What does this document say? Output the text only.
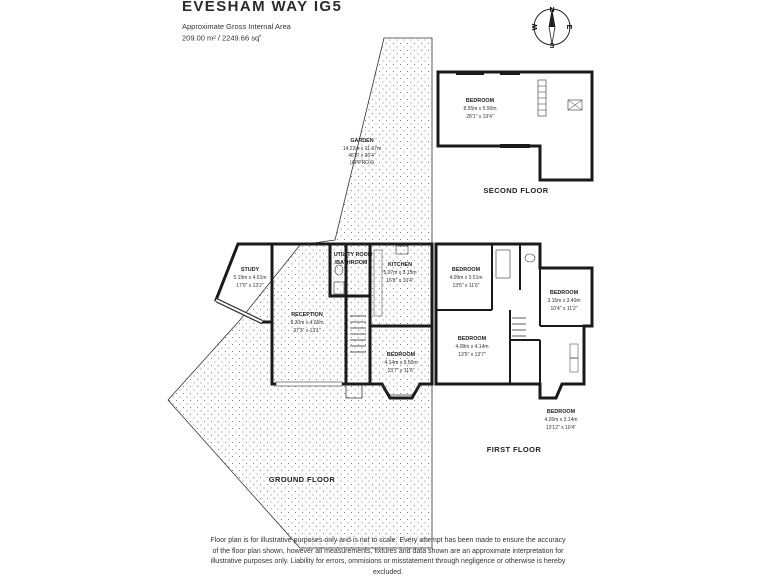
EVESHAM WAY IG5
Approximate Gross Internal Area
209.00 m² / 2249.66 $sq^{ft}$
N
E
S
W
BEDROOM
8.55m x 5.90m
28'1" x 19'4"
SECOND FLOOR
GARDEN
14.22m x 11.07m
46'8" x 36'4"
(APPROX)
STUDY
5.19m x 4.01m
17'0" x 13'2"
RECEPTION
8.30m x 4.00m
27'3" x 13'1"
UTILITY ROOM
/BATHROOM	KITCHEN
5.07m x 3.15m
16'8" x 10'4"
BEDROOM
4.14m x 3.50m
13'7" x 11'6"
GROUND FLOOR
BEDROOM
4.09m x 3.51m
13'5" x 11'6"
BEDROOM
3.16m x 3.40m
10'4" x 11'2"
BEDROOM
4.08m x 4.14m
13'5" x 13'7"
BEDROOM
4.26m x 3.14m
13'12" x 10'4"
FIRST FLOOR
Floor plan is for illustrative purposes only and is not to scale. Every attempt has been made to ensure the accuracy of the floor plan shown, however all measurements, fixtures and data shown are an approximate interpretation for illustrative purposes only. Liability for errors, ommisions or misstatement through negligence or otherwise is hereby excluded.
